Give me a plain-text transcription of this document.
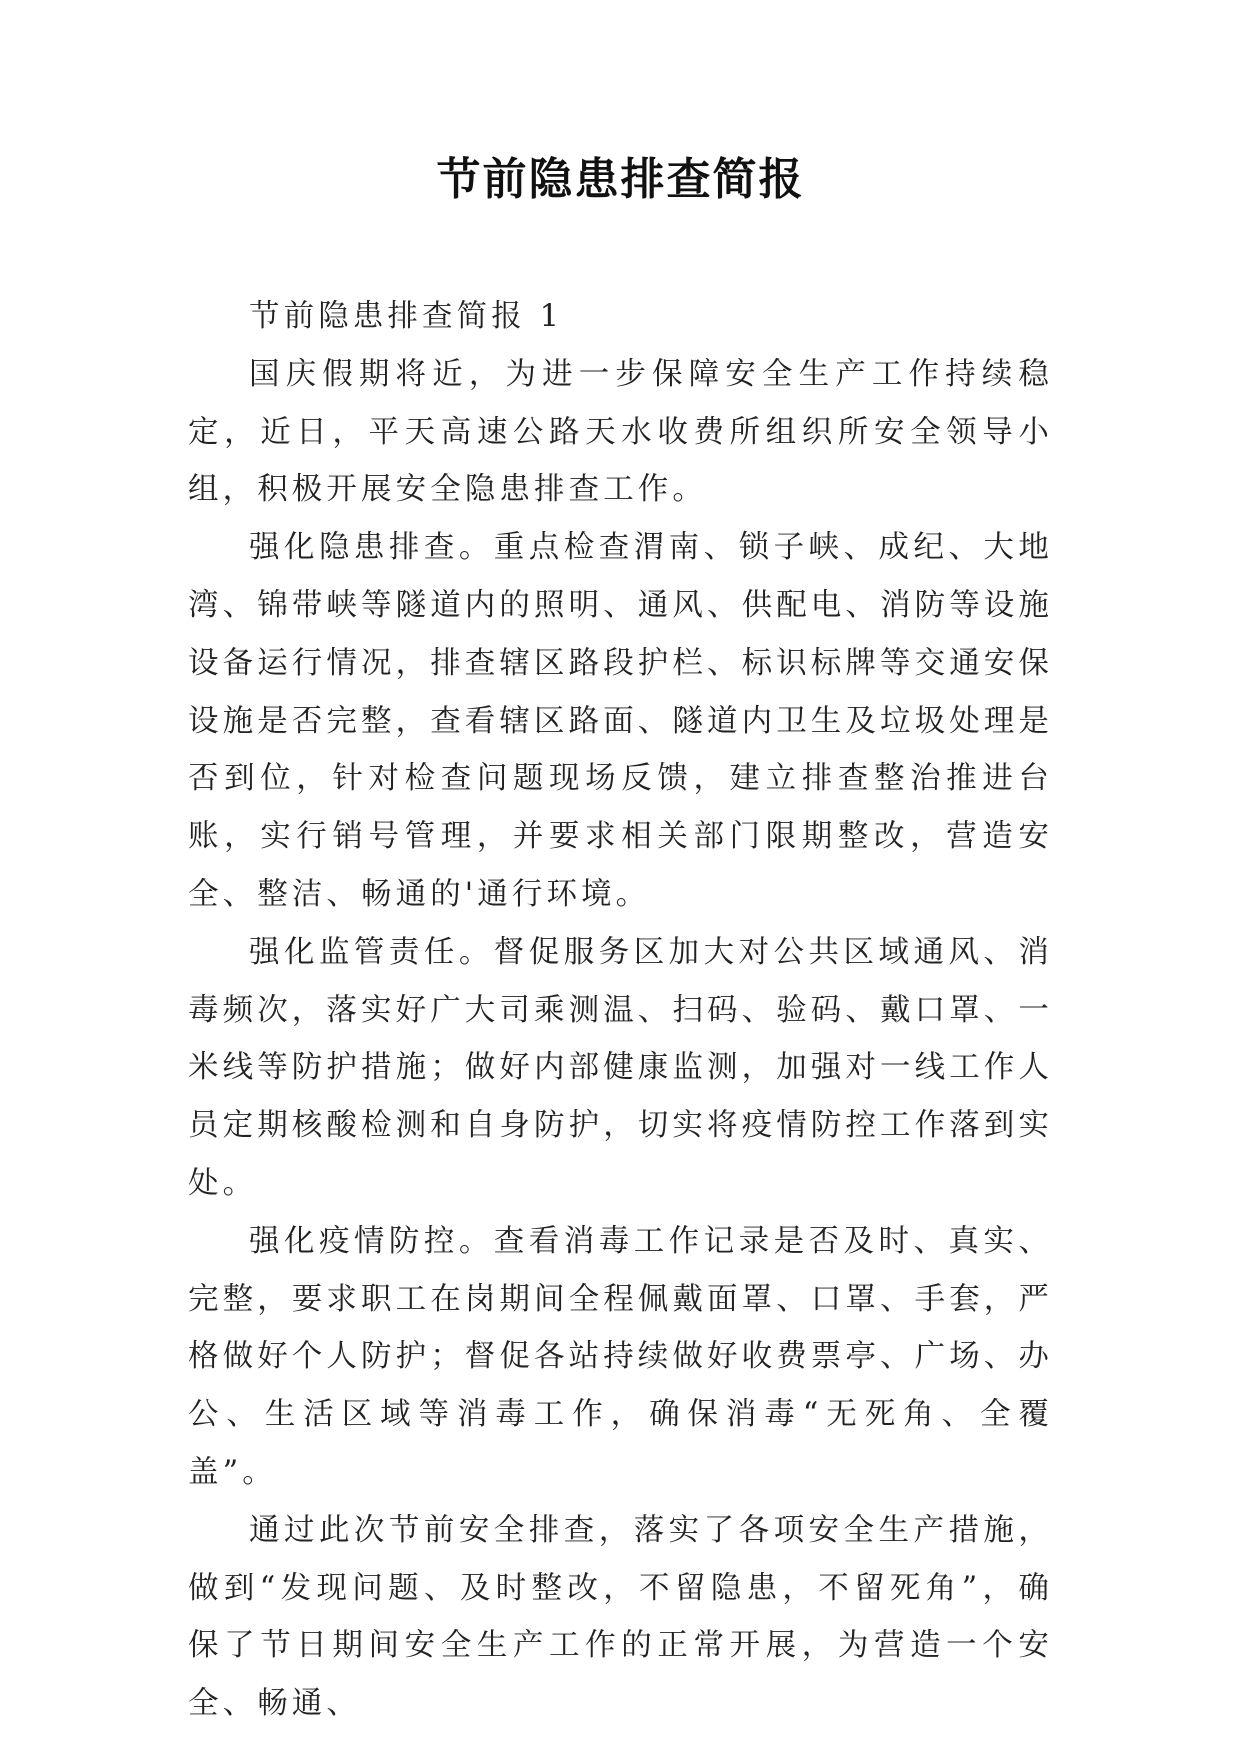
节前隐患排查简报

节前隐患排查简报 1

国庆假期将近，为进一步保障安全生产工作持续稳定，近日，平天高速公路天水收费所组织所安全领导小组，积极开展安全隐患排查工作。

强化隐患排查。重点检查渭南、锁子峡、成纪、大地湾、锦带峡等隧道内的照明、通风、供配电、消防等设施设备运行情况，排查辖区路段护栏、标识标牌等交通安保设施是否完整，查看辖区路面、隧道内卫生及垃圾处理是否到位，针对检查问题现场反馈，建立排查整治推进台账，实行销号管理，并要求相关部门限期整改，营造安全、整洁、畅通的'通行环境。

强化监管责任。督促服务区加大对公共区域通风、消毒频次，落实好广大司乘测温、扫码、验码、戴口罩、一米线等防护措施；做好内部健康监测，加强对一线工作人员定期核酸检测和自身防护，切实将疫情防控工作落到实处。

强化疫情防控。查看消毒工作记录是否及时、真实、完整，要求职工在岗期间全程佩戴面罩、口罩、手套，严格做好个人防护；督促各站持续做好收费票亭、广场、办公、生活区域等消毒工作，确保消毒“无死角、全覆盖”。

通过此次节前安全排查，落实了各项安全生产措施，做到“发现问题、及时整改，不留隐患，不留死角”，确保了节日期间安全生产工作的正常开展，为营造一个安全、畅通、
